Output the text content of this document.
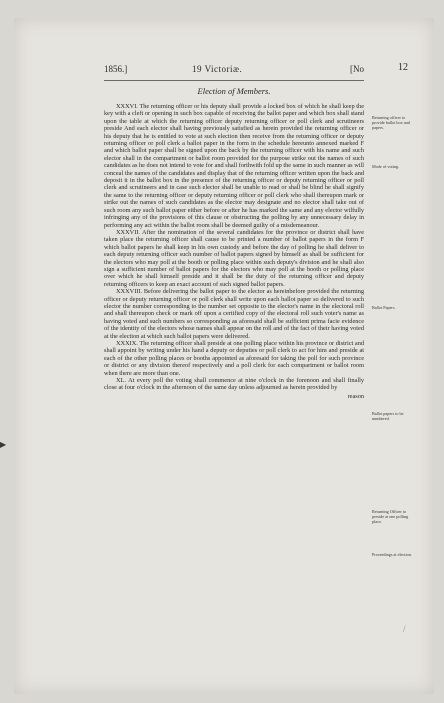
1856.]	19 Victoriæ.	[No	12
Election of Members.

XXXVI. The returning officer or his deputy shall provide a locked box of which he shall keep the key with a cleft or opening in such box capable of receiving the ballot paper and which box shall stand upon the table at which the returning officer deputy returning officer or poll clerk and scrutineers preside And each elector shall having previously satisfied as herein provided the returning officer or his deputy that he is entitled to vote at such election then receive from the returning officer or deputy returning officer or poll clerk a ballot paper in the form in the schedule hereunto annexed marked F and which ballot paper shall be signed upon the back by the returning officer with his name and such elector shall in the compartment or ballot room provided for the purpose strike out the names of such candidates as he does not intend to vote for and shall forthwith fold up the same in such manner as will conceal the names of the candidates and display that of the returning officer written upon the back and deposit it in the ballot box in the presence of the returning officer or deputy returning officer or poll clerk and scrutineers and in case such elector shall be unable to read or shall be blind he shall signify the same to the returning officer or deputy returning officer or poll clerk who shall thereupon mark or strike out the names of such candidates as the elector may designate and no elector shall take out of such room any such ballot paper either before or after he has marked the same and any elector wilfully infringing any of the provisions of this clause or obstructing the polling by any unnecessary delay in performing any act within the ballot room shall be deemed guilty of a misdemeanour.

XXXVII. After the nomination of the several candidates for the province or district shall have taken place the returning officer shall cause to be printed a number of ballot papers in the form F which ballot papers he shall keep in his own custody and before the day of polling he shall deliver to each deputy returning officer such number of ballot papers signed by himself as shall be sufficient for the electors who may poll at the booth or polling place within such deputy's division and he shall also sign a sufficient number of ballot papers for the electors who may poll at the booth or polling place over which he shall himself preside and it shall be the duty of the returning officer and deputy returning officers to keep an exact account of such signed ballot papers.

XXXVIII. Before delivering the ballot paper to the elector as hereinbefore provided the returning officer or deputy returning officer or poll clerk shall write upon each ballot paper so delivered to such elector the number corresponding to the number set opposite to the elector's name in the electoral roll and shall thereupon check or mark off upon a certified copy of the electoral roll such voter's name as having voted and such numbers so corresponding as aforesaid shall be sufficient prima facie evidence of the identity of the electors whose names shall appear on the roll and of the fact of their having voted at the election at which such ballot papers were delivered.

XXXIX. The returning officer shall preside at one polling place within his province or district and shall appoint by writing under his hand a deputy or deputies or poll clerk to act for him and preside at each of the other polling places or booths appointed as aforesaid for taking the poll for such province or district or any division thereof respectively and a poll clerk for each compartment or ballot room when there are more than one.

XL. At every poll the voting shall commence at nine o'clock in the forenoon and shall finally close at four o'clock in the afternoon of the same day unless adjourned as herein provided by

reason
Returning officer to provide ballot box and papers.
Mode of voting.
Ballot Papers.
Ballot papers to be numbered.
Returning Officer to preside at one polling place.
Proceedings at election.
▶
/
